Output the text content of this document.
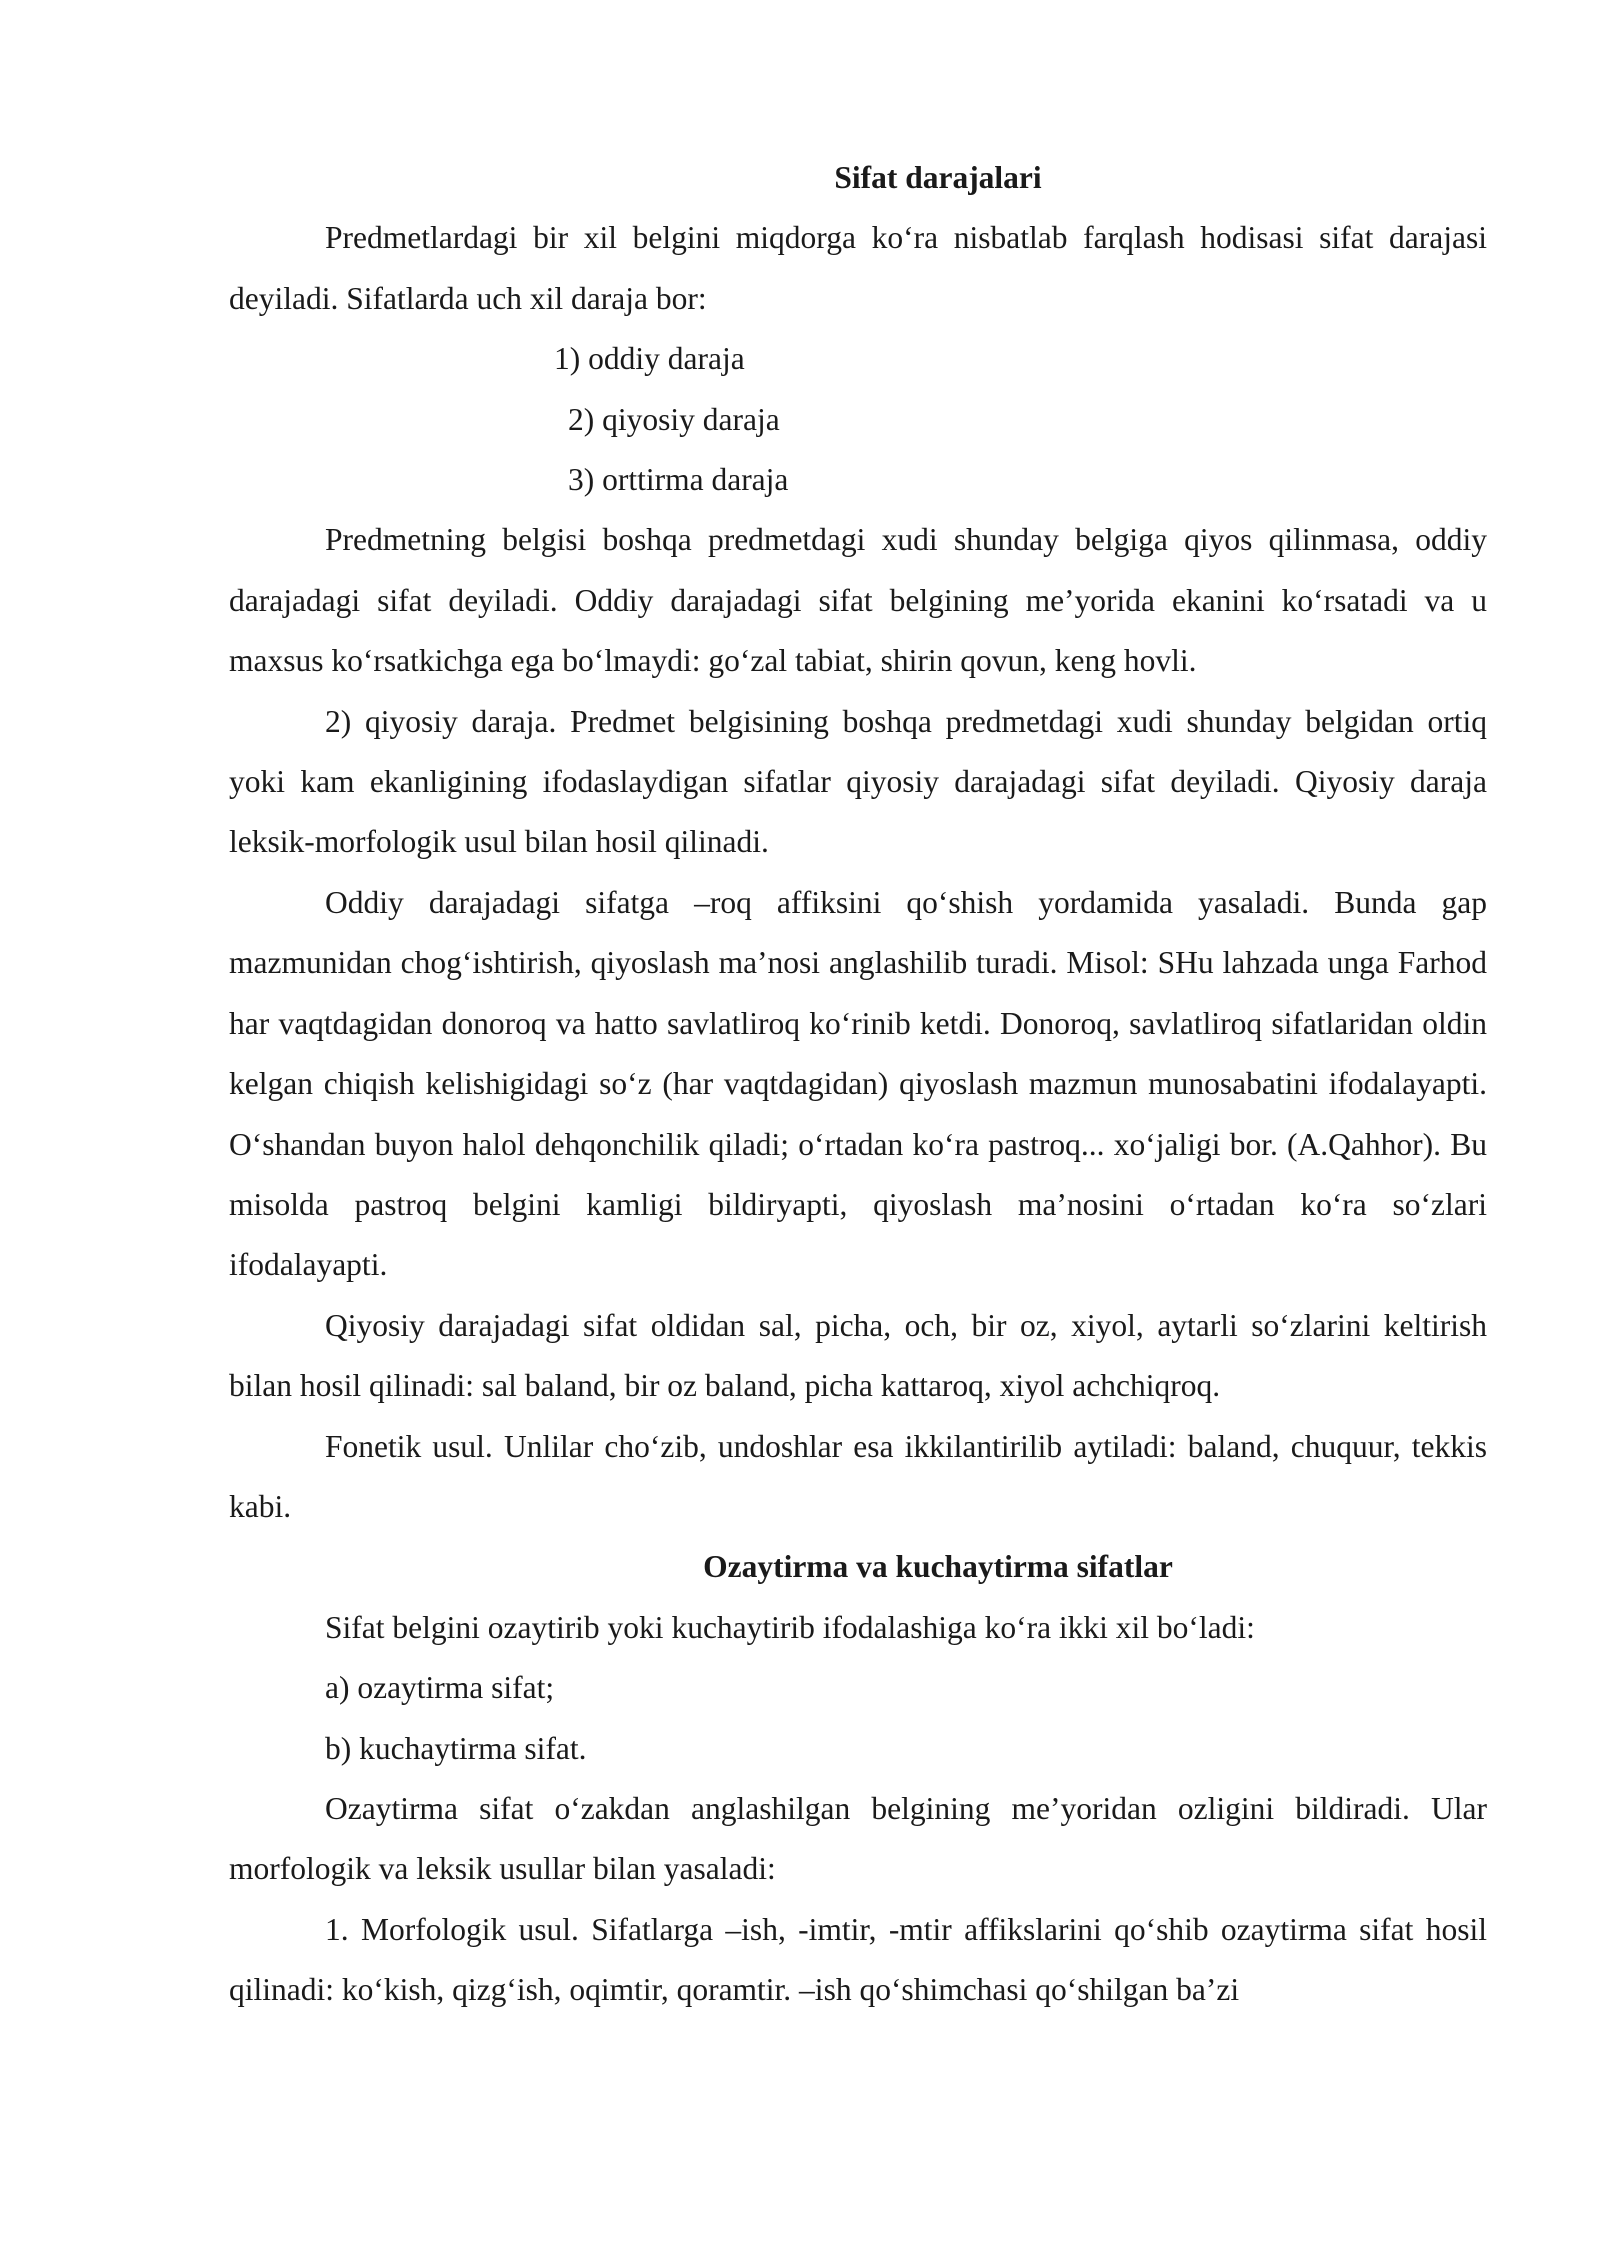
Sifat darajalari

Predmetlardagi bir xil belgini miqdorga ko‘ra nisbatlab farqlash hodisasi sifat darajasi deyiladi. Sifatlarda uch xil daraja bor:

1) oddiy daraja

2) qiyosiy daraja

3) orttirma daraja

Predmetning belgisi boshqa predmetdagi xudi shunday belgiga qiyos qilinmasa, oddiy darajadagi sifat deyiladi. Oddiy darajadagi sifat belgining me’yorida ekanini ko‘rsatadi va u maxsus ko‘rsatkichga ega bo‘lmaydi: go‘zal tabiat, shirin qovun, keng hovli.

2) qiyosiy daraja. Predmet belgisining boshqa predmetdagi xudi shunday belgidan ortiq yoki kam ekanligining ifodaslaydigan sifatlar qiyosiy darajadagi sifat deyiladi. Qiyosiy daraja leksik-morfologik usul bilan hosil qilinadi.

Oddiy darajadagi sifatga –roq affiksini qo‘shish yordamida yasaladi. Bunda gap mazmunidan chog‘ishtirish, qiyoslash ma’nosi anglashilib turadi. Misol: SHu lahzada unga Farhod har vaqtdagidan donoroq va hatto savlatliroq ko‘rinib ketdi. Donoroq, savlatliroq sifatlaridan oldin kelgan chiqish kelishigidagi so‘z (har vaqtdagidan) qiyoslash mazmun munosabatini ifodalayapti. O‘shandan buyon halol dehqonchilik qiladi; o‘rtadan ko‘ra pastroq... xo‘jaligi bor. (A.Qahhor). Bu misolda pastroq belgini kamligi bildiryapti, qiyoslash ma’nosini o‘rtadan ko‘ra so‘zlari ifodalayapti.

Qiyosiy darajadagi sifat oldidan sal, picha, och, bir oz, xiyol, aytarli so‘zlarini keltirish bilan hosil qilinadi: sal baland, bir oz baland, picha kattaroq, xiyol achchiqroq.

Fonetik usul. Unlilar cho‘zib, undoshlar esa ikkilantirilib aytiladi: baland, chuquur, tekkis kabi.

Ozaytirma va kuchaytirma sifatlar

Sifat belgini ozaytirib yoki kuchaytirib ifodalashiga ko‘ra ikki xil bo‘ladi:

a) ozaytirma sifat;

b) kuchaytirma sifat.

Ozaytirma sifat o‘zakdan anglashilgan belgining me’yoridan ozligini bildiradi. Ular morfologik va leksik usullar bilan yasaladi:

1. Morfologik usul. Sifatlarga –ish, -imtir, -mtir affikslarini qo‘shib ozaytirma sifat hosil qilinadi: ko‘kish, qizg‘ish, oqimtir, qoramtir. –ish qo‘shimchasi qo‘shilgan ba’zi
